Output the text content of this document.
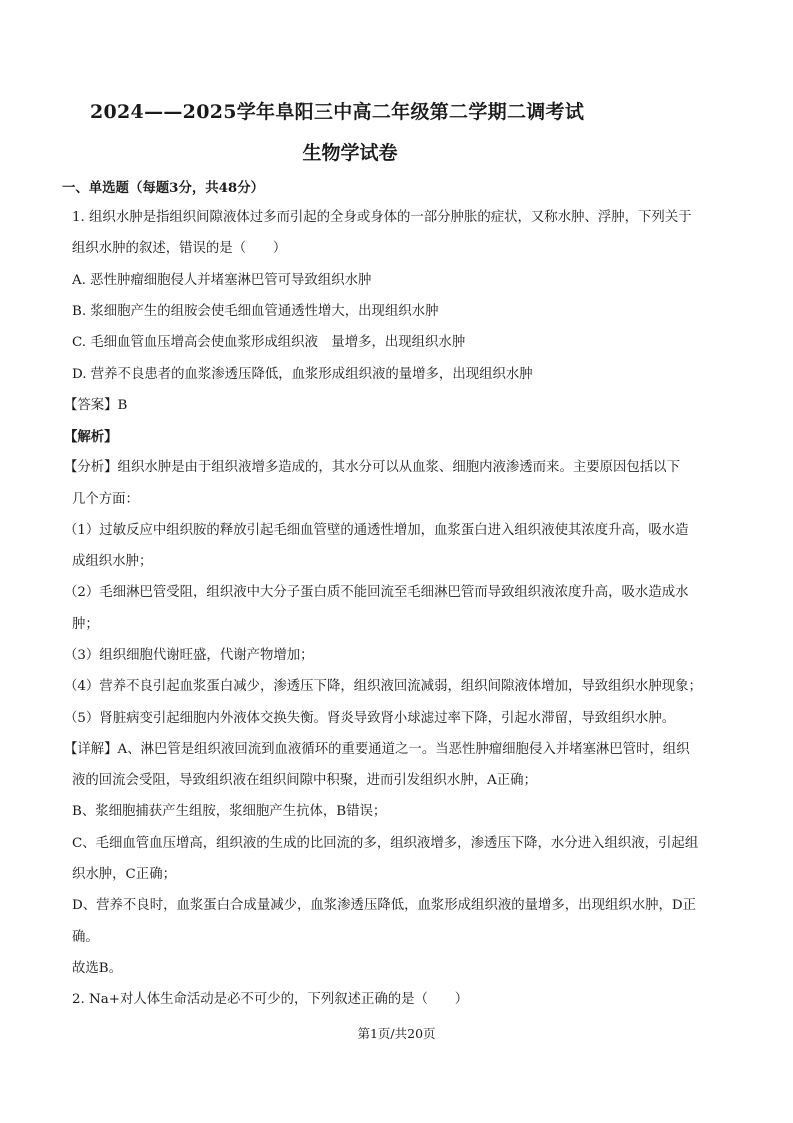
2024——2025学年阜阳三中高二年级第二学期二调考试
生物学试卷
一、单选题（每题3分，共48分）
1. 组织水肿是指组织间隙液体过多而引起的全身或身体的一部分肿胀的症状，又称水肿、浮肿，下列关于
组织水肿的叙述，错误的是（　　）
A. 恶性肿瘤细胞侵人并堵塞淋巴管可导致组织水肿
B. 浆细胞产生的组胺会使毛细血管通透性增大，出现组织水肿
C. 毛细血管血压增高会使血浆形成组织液　量增多，出现组织水肿
D. 营养不良患者的血浆渗透压降低，血浆形成组织液的量增多，出现组织水肿
【答案】B
【解析】
【分析】组织水肿是由于组织液增多造成的，其水分可以从血浆、细胞内液渗透而来。主要原因包括以下
几个方面：
（1）过敏反应中组织胺的释放引起毛细血管壁的通透性增加，血浆蛋白进入组织液使其浓度升高，吸水造
成组织水肿；
（2）毛细淋巴管受阻，组织液中大分子蛋白质不能回流至毛细淋巴管而导致组织液浓度升高，吸水造成水
肿；
（3）组织细胞代谢旺盛，代谢产物增加；
（4）营养不良引起血浆蛋白减少，渗透压下降，组织液回流减弱，组织间隙液体增加，导致组织水肿现象；
（5）肾脏病变引起细胞内外液体交换失衡。肾炎导致肾小球滤过率下降，引起水滞留，导致组织水肿。
【详解】A、淋巴管是组织液回流到血液循环的重要通道之一。当恶性肿瘤细胞侵入并堵塞淋巴管时，组织
液的回流会受阻，导致组织液在组织间隙中积聚，进而引发组织水肿，A正确；
B、浆细胞捕获产生组胺，浆细胞产生抗体，B错误；
C、毛细血管血压增高，组织液的生成的比回流的多，组织液增多，渗透压下降，水分进入组织液，引起组
织水肿，C正确；
D、营养不良时，血浆蛋白合成量减少，血浆渗透压降低，血浆形成组织液的量增多，出现组织水肿，D正
确。
故选B。
2. Na+对人体生命活动是必不可少的，下列叙述正确的是（　　）
第1页/共20页
